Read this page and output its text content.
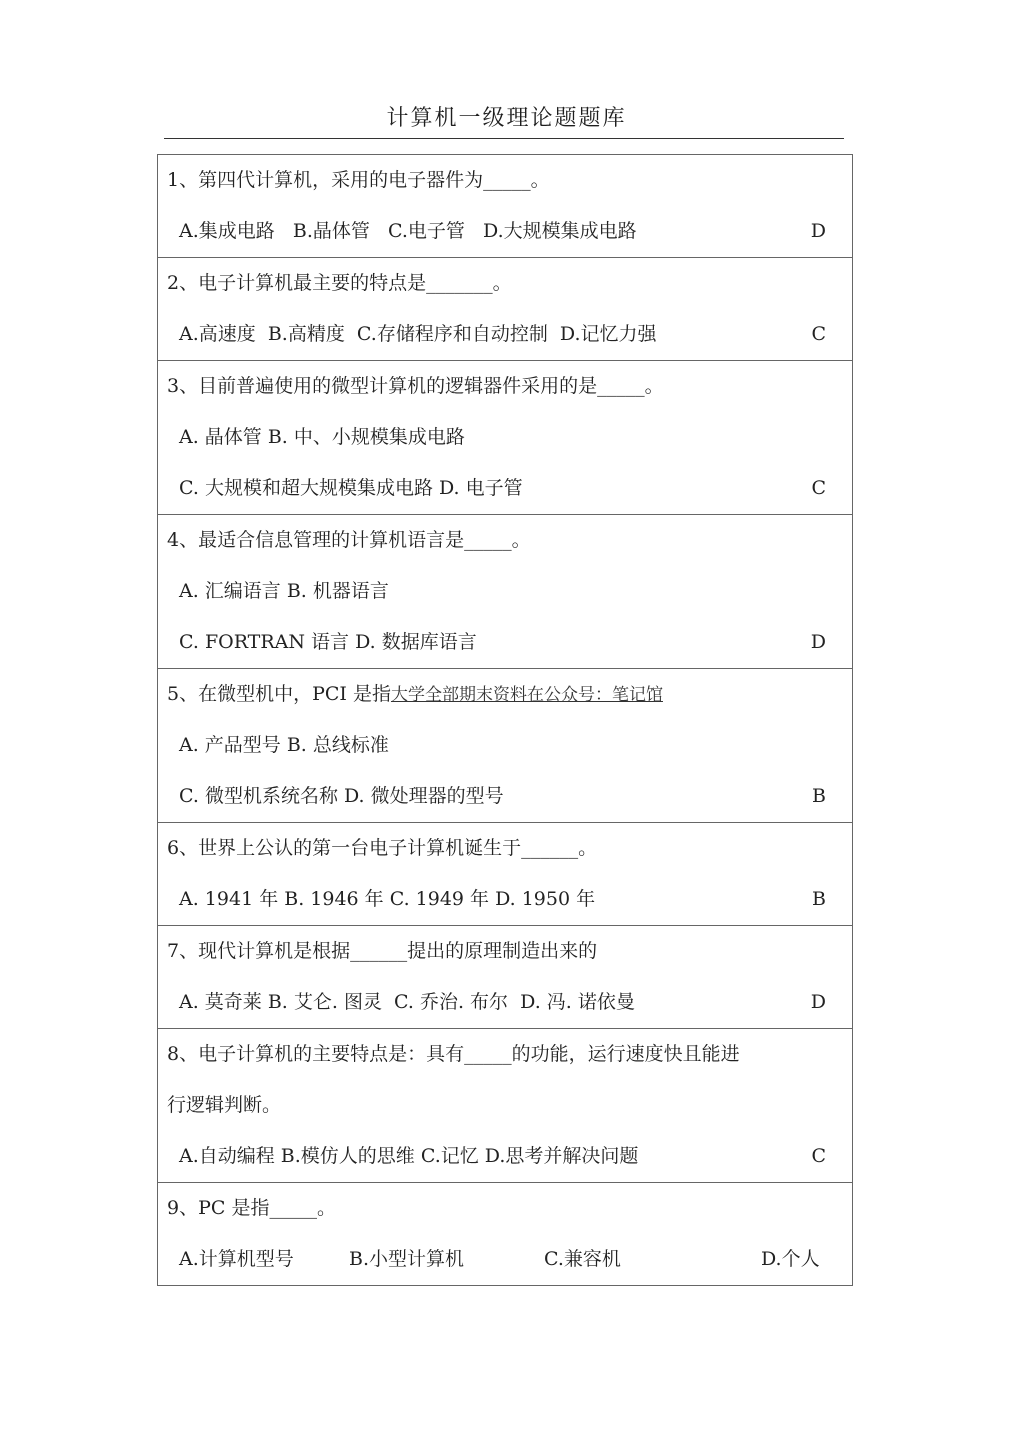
计算机一级理论题题库
1、第四代计算机，采用的电子器件为_____。
A.集成电路   B.晶体管   C.电子管   D.大规模集成电路	D
2、电子计算机最主要的特点是_______。
A.高速度  B.高精度  C.存储程序和自动控制  D.记忆力强	C
3、目前普遍使用的微型计算机的逻辑器件采用的是_____。
A. 晶体管 B. 中、小规模集成电路
C. 大规模和超大规模集成电路 D. 电子管	C
4、最适合信息管理的计算机语言是_____。
A. 汇编语言 B. 机器语言
C. FORTRAN 语言 D. 数据库语言	D
5、在微型机中，PCI 是指大学全部期末资料在公众号：笔记馆
A. 产品型号 B. 总线标准
C. 微型机系统名称 D. 微处理器的型号	B
6、世界上公认的第一台电子计算机诞生于______。
A. 1941 年 B. 1946 年 C. 1949 年 D. 1950 年	B
7、现代计算机是根据______提出的原理制造出来的
A. 莫奇莱 B. 艾仑. 图灵  C. 乔治. 布尔  D. 冯. 诺依曼	D
8、电子计算机的主要特点是：具有_____的功能，运行速度快且能进
行逻辑判断。
A.自动编程 B.模仿人的思维 C.记忆 D.思考并解决问题	C
9、PC 是指_____。
A.计算机型号	B.小型计算机	C.兼容机	D.个人
